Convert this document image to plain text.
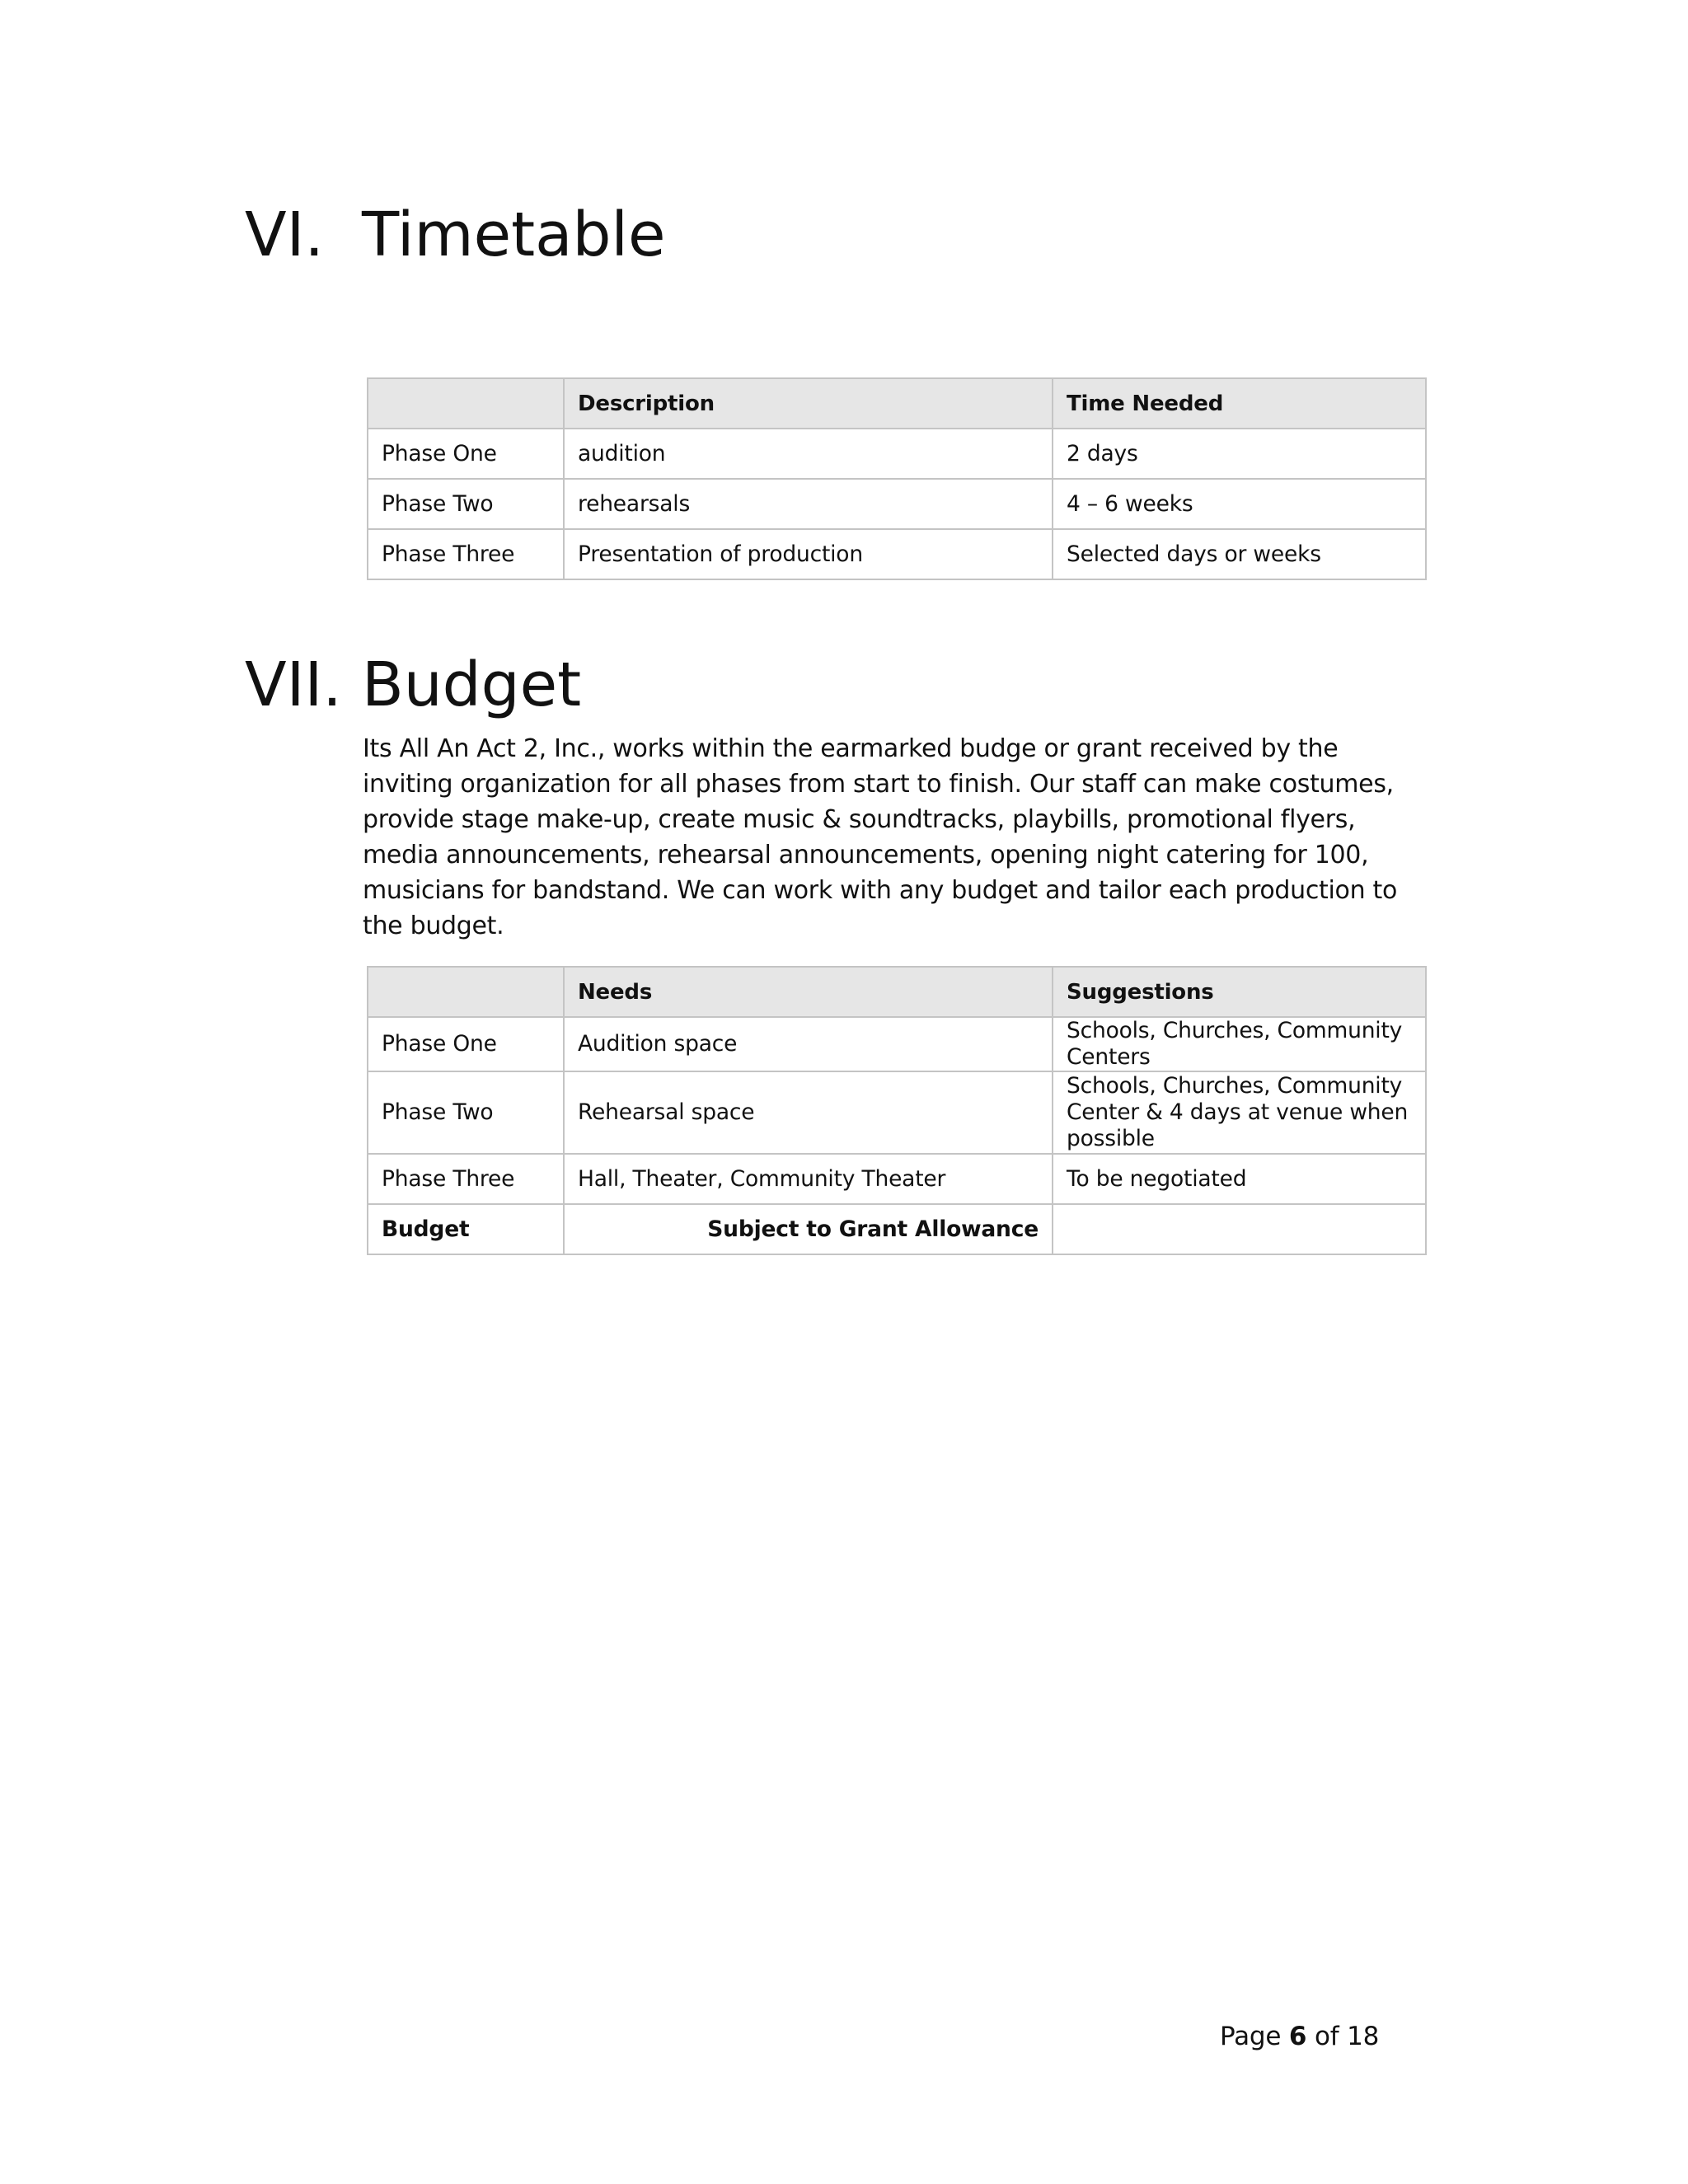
VI. Timetable
	Description	Time Needed
Phase One	audition	2 days
Phase Two	rehearsals	4 – 6 weeks
Phase Three	Presentation of production	Selected days or weeks
VII. Budget

Its All An Act 2, Inc., works within the earmarked budge or grant received by the inviting organization for all phases from start to finish. Our staff can make costumes, provide stage make-up, create music & soundtracks, playbills, promotional flyers, media announcements, rehearsal announcements, opening night catering for 100, musicians for bandstand. We can work with any budget and tailor each production to the budget.

	Needs	Suggestions
Phase One	Audition space	Schools, Churches, Community Centers
Phase Two	Rehearsal space	Schools, Churches, Community Center & 4 days at venue when possible
Phase Three	Hall, Theater, Community Theater	To be negotiated
Budget	Subject to Grant Allowance	
Page 6 of 18
